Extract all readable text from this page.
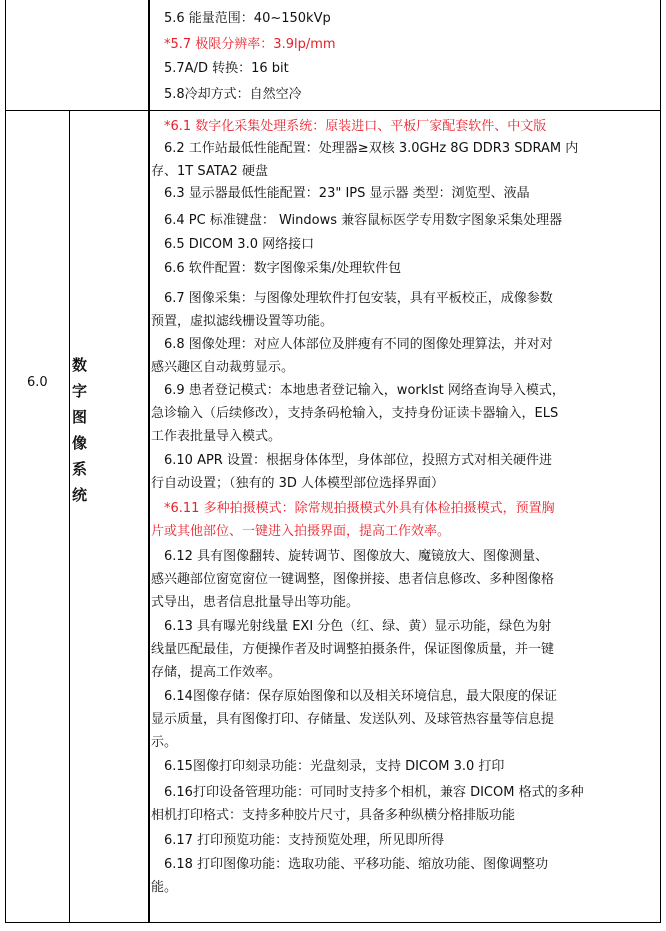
5.6 能量范围：40~150kVp
*5.7 极限分辨率：3.9lp/mm
5.7A/D 转换：16 bit
5.8冷却方式：自然空冷
6.0
数
字
图
像
系
统
*6.1 数字化采集处理系统：原装进口、平板厂家配套软件、中文版
6.2 工作站最低性能配置：处理器≥双核 3.0GHz 8G DDR3 SDRAM 内
存、1T SATA2 硬盘
6.3 显示器最低性能配置：23" IPS 显示器 类型：浏览型、液晶
6.4 PC 标准键盘： Windows 兼容鼠标医学专用数字图象采集处理器
6.5 DICOM 3.0 网络接口
6.6 软件配置：数字图像采集/处理软件包
6.7 图像采集：与图像处理软件打包安装，具有平板校正，成像参数
预置，虚拟滤线栅设置等功能。
6.8 图像处理：对应人体部位及胖瘦有不同的图像处理算法，并对对
感兴趣区自动裁剪显示。
6.9 患者登记模式：本地患者登记输入，worklst 网络查询导入模式，
急诊输入（后续修改），支持条码枪输入，支持身份证读卡器输入，ELS
工作表批量导入模式。
6.10 APR 设置：根据身体体型，身体部位，投照方式对相关硬件进
行自动设置；（独有的 3D 人体模型部位选择界面）
*6.11 多种拍摄模式：除常规拍摄模式外具有体检拍摄模式，预置胸
片或其他部位、一键进入拍摄界面，提高工作效率。
6.12 具有图像翻转、旋转调节、图像放大、魔镜放大、图像测量、
感兴趣部位窗宽窗位一键调整，图像拼接、患者信息修改、多种图像格
式导出，患者信息批量导出等功能。
6.13 具有曝光射线量 EXI 分色（红、绿、黄）显示功能，绿色为射
线量匹配最佳，方便操作者及时调整拍摄条件，保证图像质量，并一键
存储，提高工作效率。
6.14图像存储：保存原始图像和以及相关环境信息，最大限度的保证
显示质量，具有图像打印、存储量、发送队列、及球管热容量等信息提
示。
6.15图像打印刻录功能：光盘刻录，支持 DICOM 3.0 打印
6.16打印设备管理功能：可同时支持多个相机，兼容 DICOM 格式的多种
相机打印格式：支持多种胶片尺寸，具备多种纵横分格排版功能
6.17 打印预览功能：支持预览处理，所见即所得
6.18 打印图像功能：选取功能、平移功能、缩放功能、图像调整功
能。
